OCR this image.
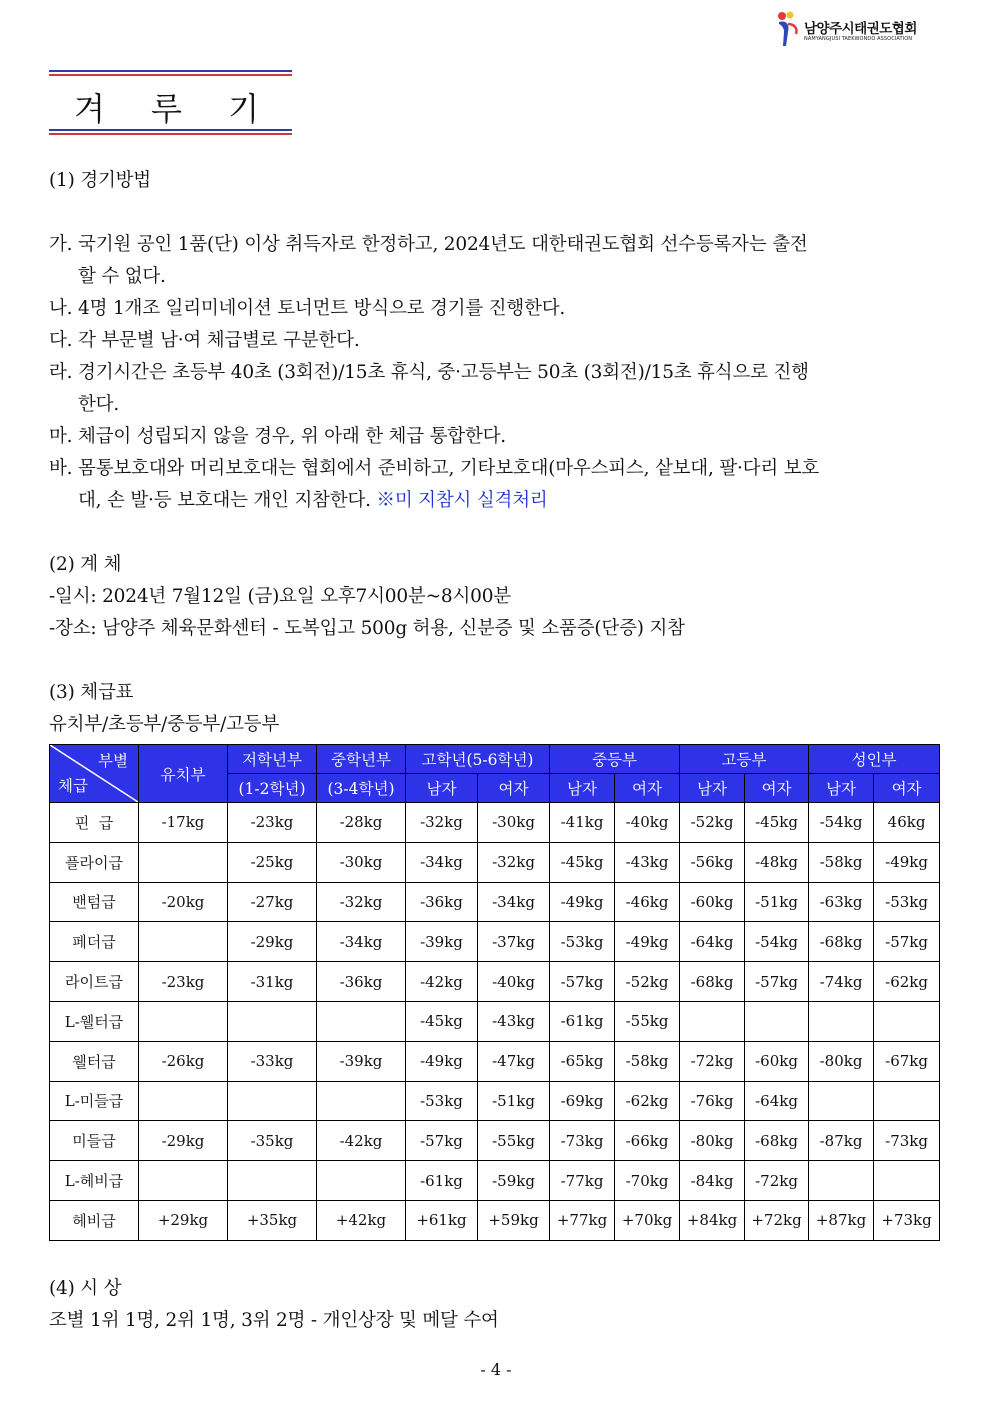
남양주시태권도협회
NAMYANGJUSI TAEKWONDO ASSOCIATION
겨 루 기
(1) 경기방법
가. 국기원 공인 1품(단) 이상 취득자로 한정하고, 2024년도 대한태권도협회 선수등록자는 출전
할 수 없다.
나. 4명 1개조 일리미네이션 토너먼트 방식으로 경기를 진행한다.
다. 각 부문별 남·여 체급별로 구분한다.
라. 경기시간은 초등부 40초 (3회전)/15초 휴식, 중·고등부는 50초 (3회전)/15초 휴식으로 진행
한다.
마. 체급이 성립되지 않을 경우, 위 아래 한 체급 통합한다.
바. 몸통보호대와 머리보호대는 협회에서 준비하고, 기타보호대(마우스피스, 샅보대, 팔·다리 보호
대, 손 발·등 보호대는 개인 지참한다. ※미 지참시 실격처리
(2) 계 체
-일시: 2024년 7월12일 (금)요일 오후7시00분~8시00분
-장소: 남양주 체육문화센터 - 도복입고 500g 허용, 신분증 및 소품증(단증) 지참
(3) 체급표
유치부/초등부/중등부/고등부
부별
체급	유치부	저학년부	중학년부	고학년(5-6학년)		중등부		고등부		성인부	
		(1-2학년)	(3-4학년)	남자	여자	남자	여자	남자	여자	남자	여자
핀  급	-17kg	-23kg	-28kg	-32kg	-30kg	-41kg	-40kg	-52kg	-45kg	-54kg	46kg
플라이급		-25kg	-30kg	-34kg	-32kg	-45kg	-43kg	-56kg	-48kg	-58kg	-49kg
밴텀급	-20kg	-27kg	-32kg	-36kg	-34kg	-49kg	-46kg	-60kg	-51kg	-63kg	-53kg
페더급		-29kg	-34kg	-39kg	-37kg	-53kg	-49kg	-64kg	-54kg	-68kg	-57kg
라이트급	-23kg	-31kg	-36kg	-42kg	-40kg	-57kg	-52kg	-68kg	-57kg	-74kg	-62kg
L-웰터급				-45kg	-43kg	-61kg	-55kg				
웰터급	-26kg	-33kg	-39kg	-49kg	-47kg	-65kg	-58kg	-72kg	-60kg	-80kg	-67kg
L-미들급				-53kg	-51kg	-69kg	-62kg	-76kg	-64kg		
미들급	-29kg	-35kg	-42kg	-57kg	-55kg	-73kg	-66kg	-80kg	-68kg	-87kg	-73kg
L-헤비급				-61kg	-59kg	-77kg	-70kg	-84kg	-72kg		
헤비급	+29kg	+35kg	+42kg	+61kg	+59kg	+77kg	+70kg	+84kg	+72kg	+87kg	+73kg
(4) 시 상
조별 1위 1명, 2위 1명, 3위 2명 - 개인상장 및 메달 수여
- 4 -
